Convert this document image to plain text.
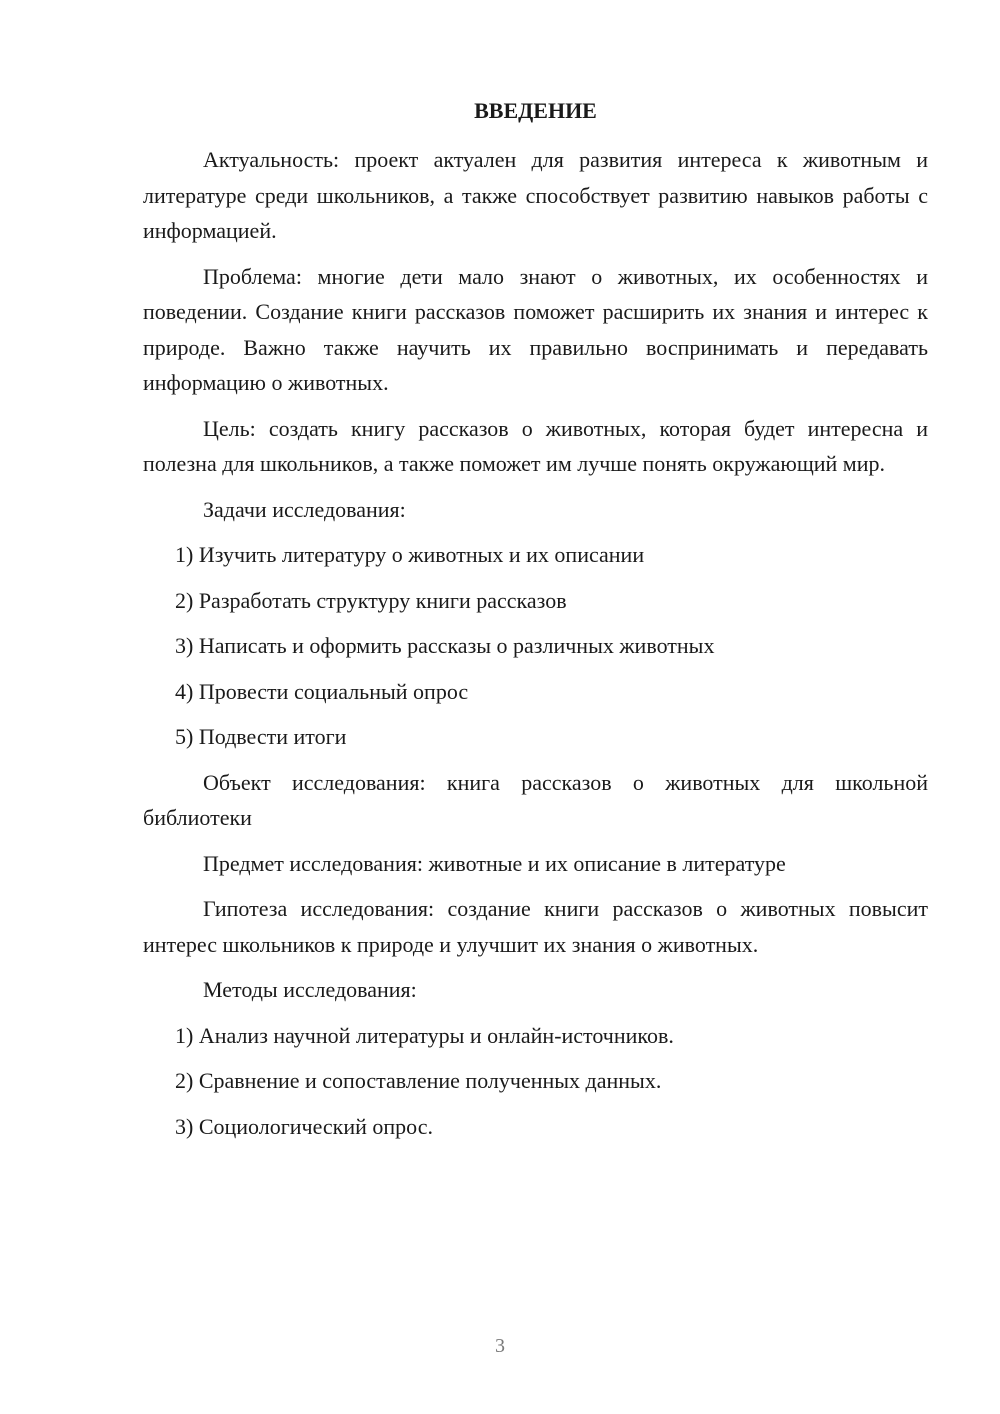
ВВЕДЕНИЕ

Актуальность: проект актуален для развития интереса к животным и литературе среди школьников, а также способствует развитию навыков работы с информацией.

Проблема: многие дети мало знают о животных, их особенностях и поведении. Создание книги рассказов поможет расширить их знания и интерес к природе. Важно также научить их правильно воспринимать и передавать информацию о животных.

Цель: создать книгу рассказов о животных, которая будет интересна и полезна для школьников, а также поможет им лучше понять окружающий мир.

Задачи исследования:

1) Изучить литературу о животных и их описании
2) Разработать структуру книги рассказов
3) Написать и оформить рассказы о различных животных
4) Провести социальный опрос
5) Подвести итоги

Объект исследования: книга рассказов о животных для школьной библиотеки

Предмет исследования: животные и их описание в литературе

Гипотеза исследования: создание книги рассказов о животных повысит интерес школьников к природе и улучшит их знания о животных.

Методы исследования:

1) Анализ научной литературы и онлайн-источников.
2) Сравнение и сопоставление полученных данных.
3) Социологический опрос.
3
